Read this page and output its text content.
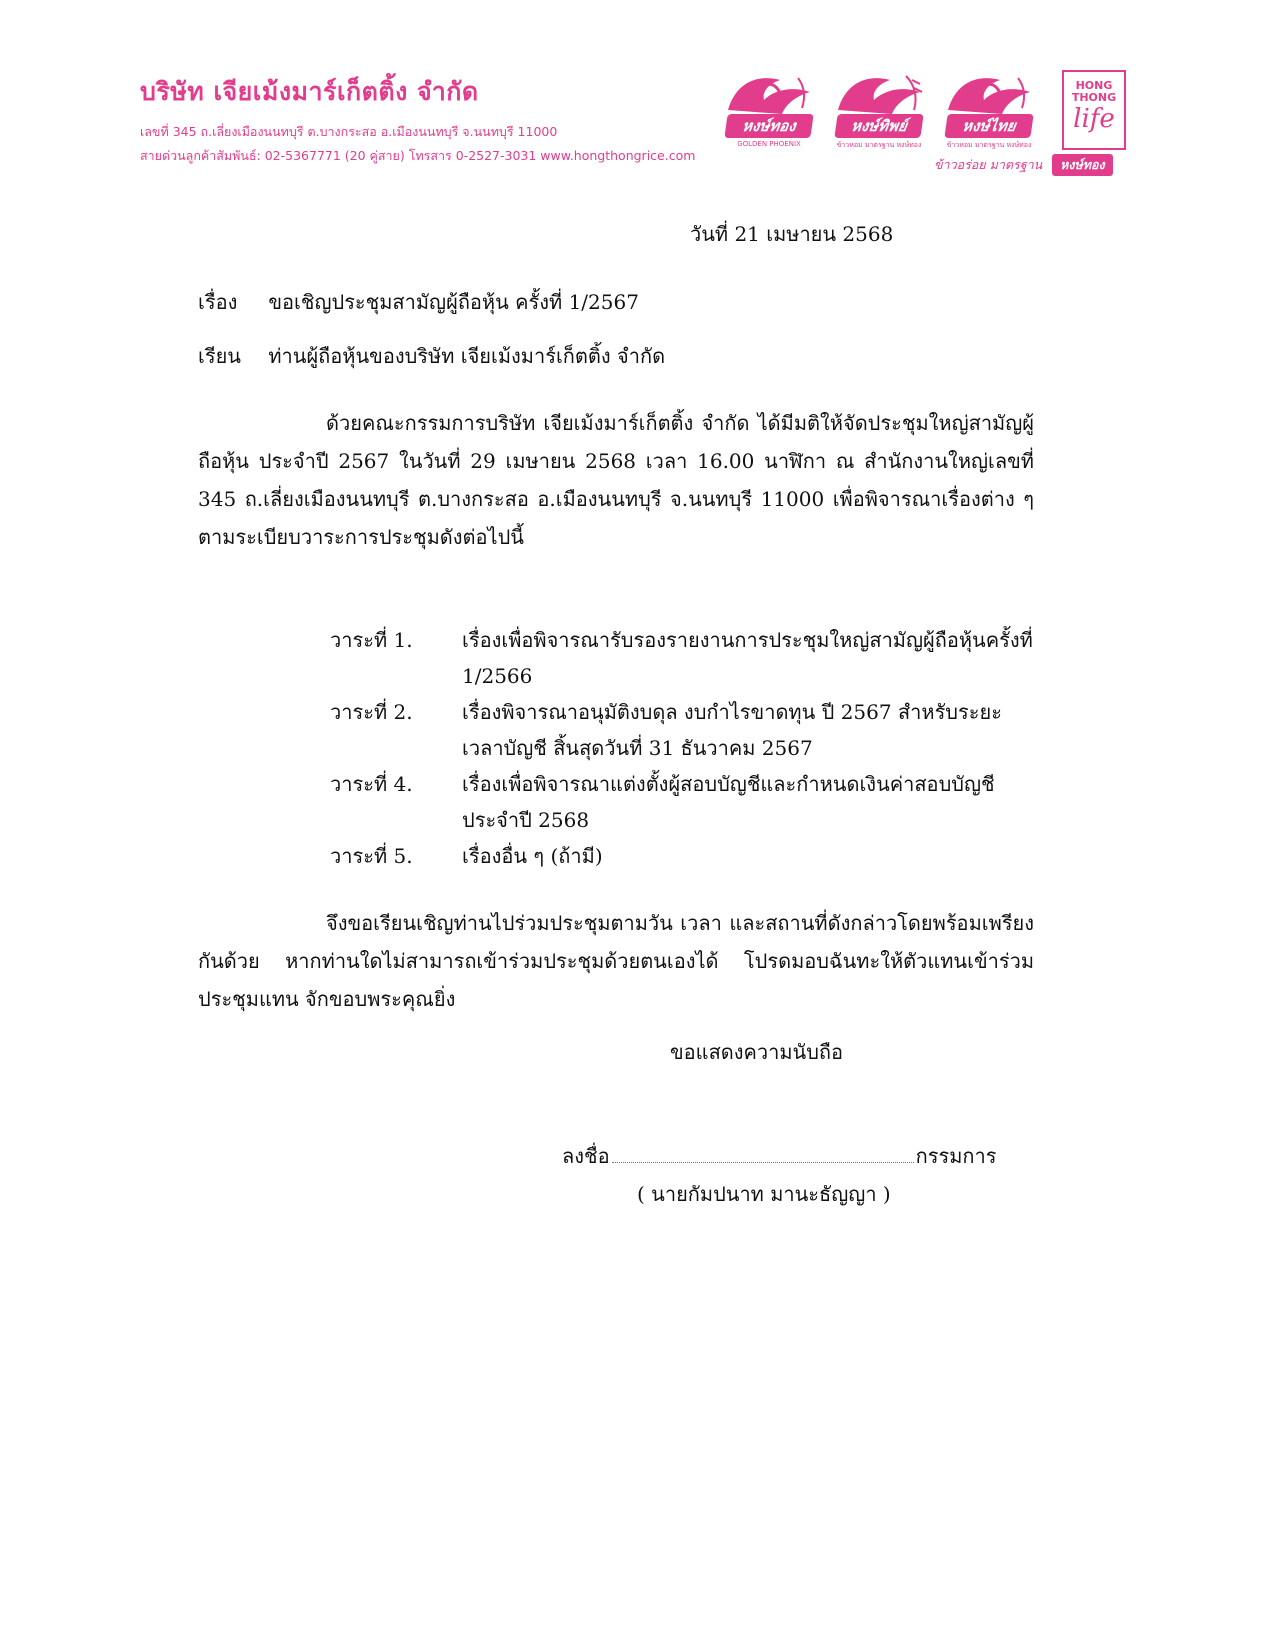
บริษัท เจียเม้งมาร์เก็ตติ้ง จำกัด
เลขที่ 345 ถ.เลี่ยงเมืองนนทบุรี ต.บางกระสอ อ.เมืองนนทบุรี จ.นนทบุรี 11000
สายด่วนลูกค้าสัมพันธ์: 02-5367771 (20 คู่สาย) โทรสาร 0-2527-3031 www.hongthongrice.com
หงษ์ทอง
GOLDEN PHOENIX
หงษ์ทิพย์
ข้าวหอม มาตรฐาน หงษ์ทอง
หงษ์ไทย
ข้าวหอม มาตรฐาน หงษ์ทอง
HONG THONG
life
ข้าวอร่อย มาตรฐาน หงษ์ทอง
วันที่ 21 เมษายน 2568
เรื่อง ขอเชิญประชุมสามัญผู้ถือหุ้น ครั้งที่ 1/2567
เรียน ท่านผู้ถือหุ้นของบริษัท เจียเม้งมาร์เก็ตติ้ง จำกัด
ด้วยคณะกรรมการบริษัท เจียเม้งมาร์เก็ตติ้ง จำกัด ได้มีมติให้จัดประชุมใหญ่สามัญผู้ถือหุ้น ประจำปี 2567 ในวันที่ 29 เมษายน 2568 เวลา 16.00 นาฬิกา ณ สำนักงานใหญ่เลขที่ 345 ถ.เลี่ยงเมืองนนทบุรี ต.บางกระสอ อ.เมืองนนทบุรี จ.นนทบุรี 11000 เพื่อพิจารณาเรื่องต่าง ๆ ตามระเบียบวาระการประชุมดังต่อไปนี้
วาระที่ 1.	เรื่องเพื่อพิจารณารับรองรายงานการประชุมใหญ่สามัญผู้ถือหุ้นครั้งที่ 1/2566
วาระที่ 2.	เรื่องพิจารณาอนุมัติงบดุล งบกำไรขาดทุน ปี 2567 สำหรับระยะเวลาบัญชี สิ้นสุดวันที่ 31 ธันวาคม 2567
วาระที่ 4.	เรื่องเพื่อพิจารณาแต่งตั้งผู้สอบบัญชีและกำหนดเงินค่าสอบบัญชีประจำปี 2568
วาระที่ 5.	เรื่องอื่น ๆ (ถ้ามี)
จึงขอเรียนเชิญท่านไปร่วมประชุมตามวัน เวลา และสถานที่ดังกล่าวโดยพร้อมเพรียงกันด้วย หากท่านใดไม่สามารถเข้าร่วมประชุมด้วยตนเองได้ โปรดมอบฉันทะให้ตัวแทนเข้าร่วมประชุมแทน จักขอบพระคุณยิ่ง
ขอแสดงความนับถือ
ลงชื่อ	กรรมการ
( นายกัมปนาท มานะธัญญา )
